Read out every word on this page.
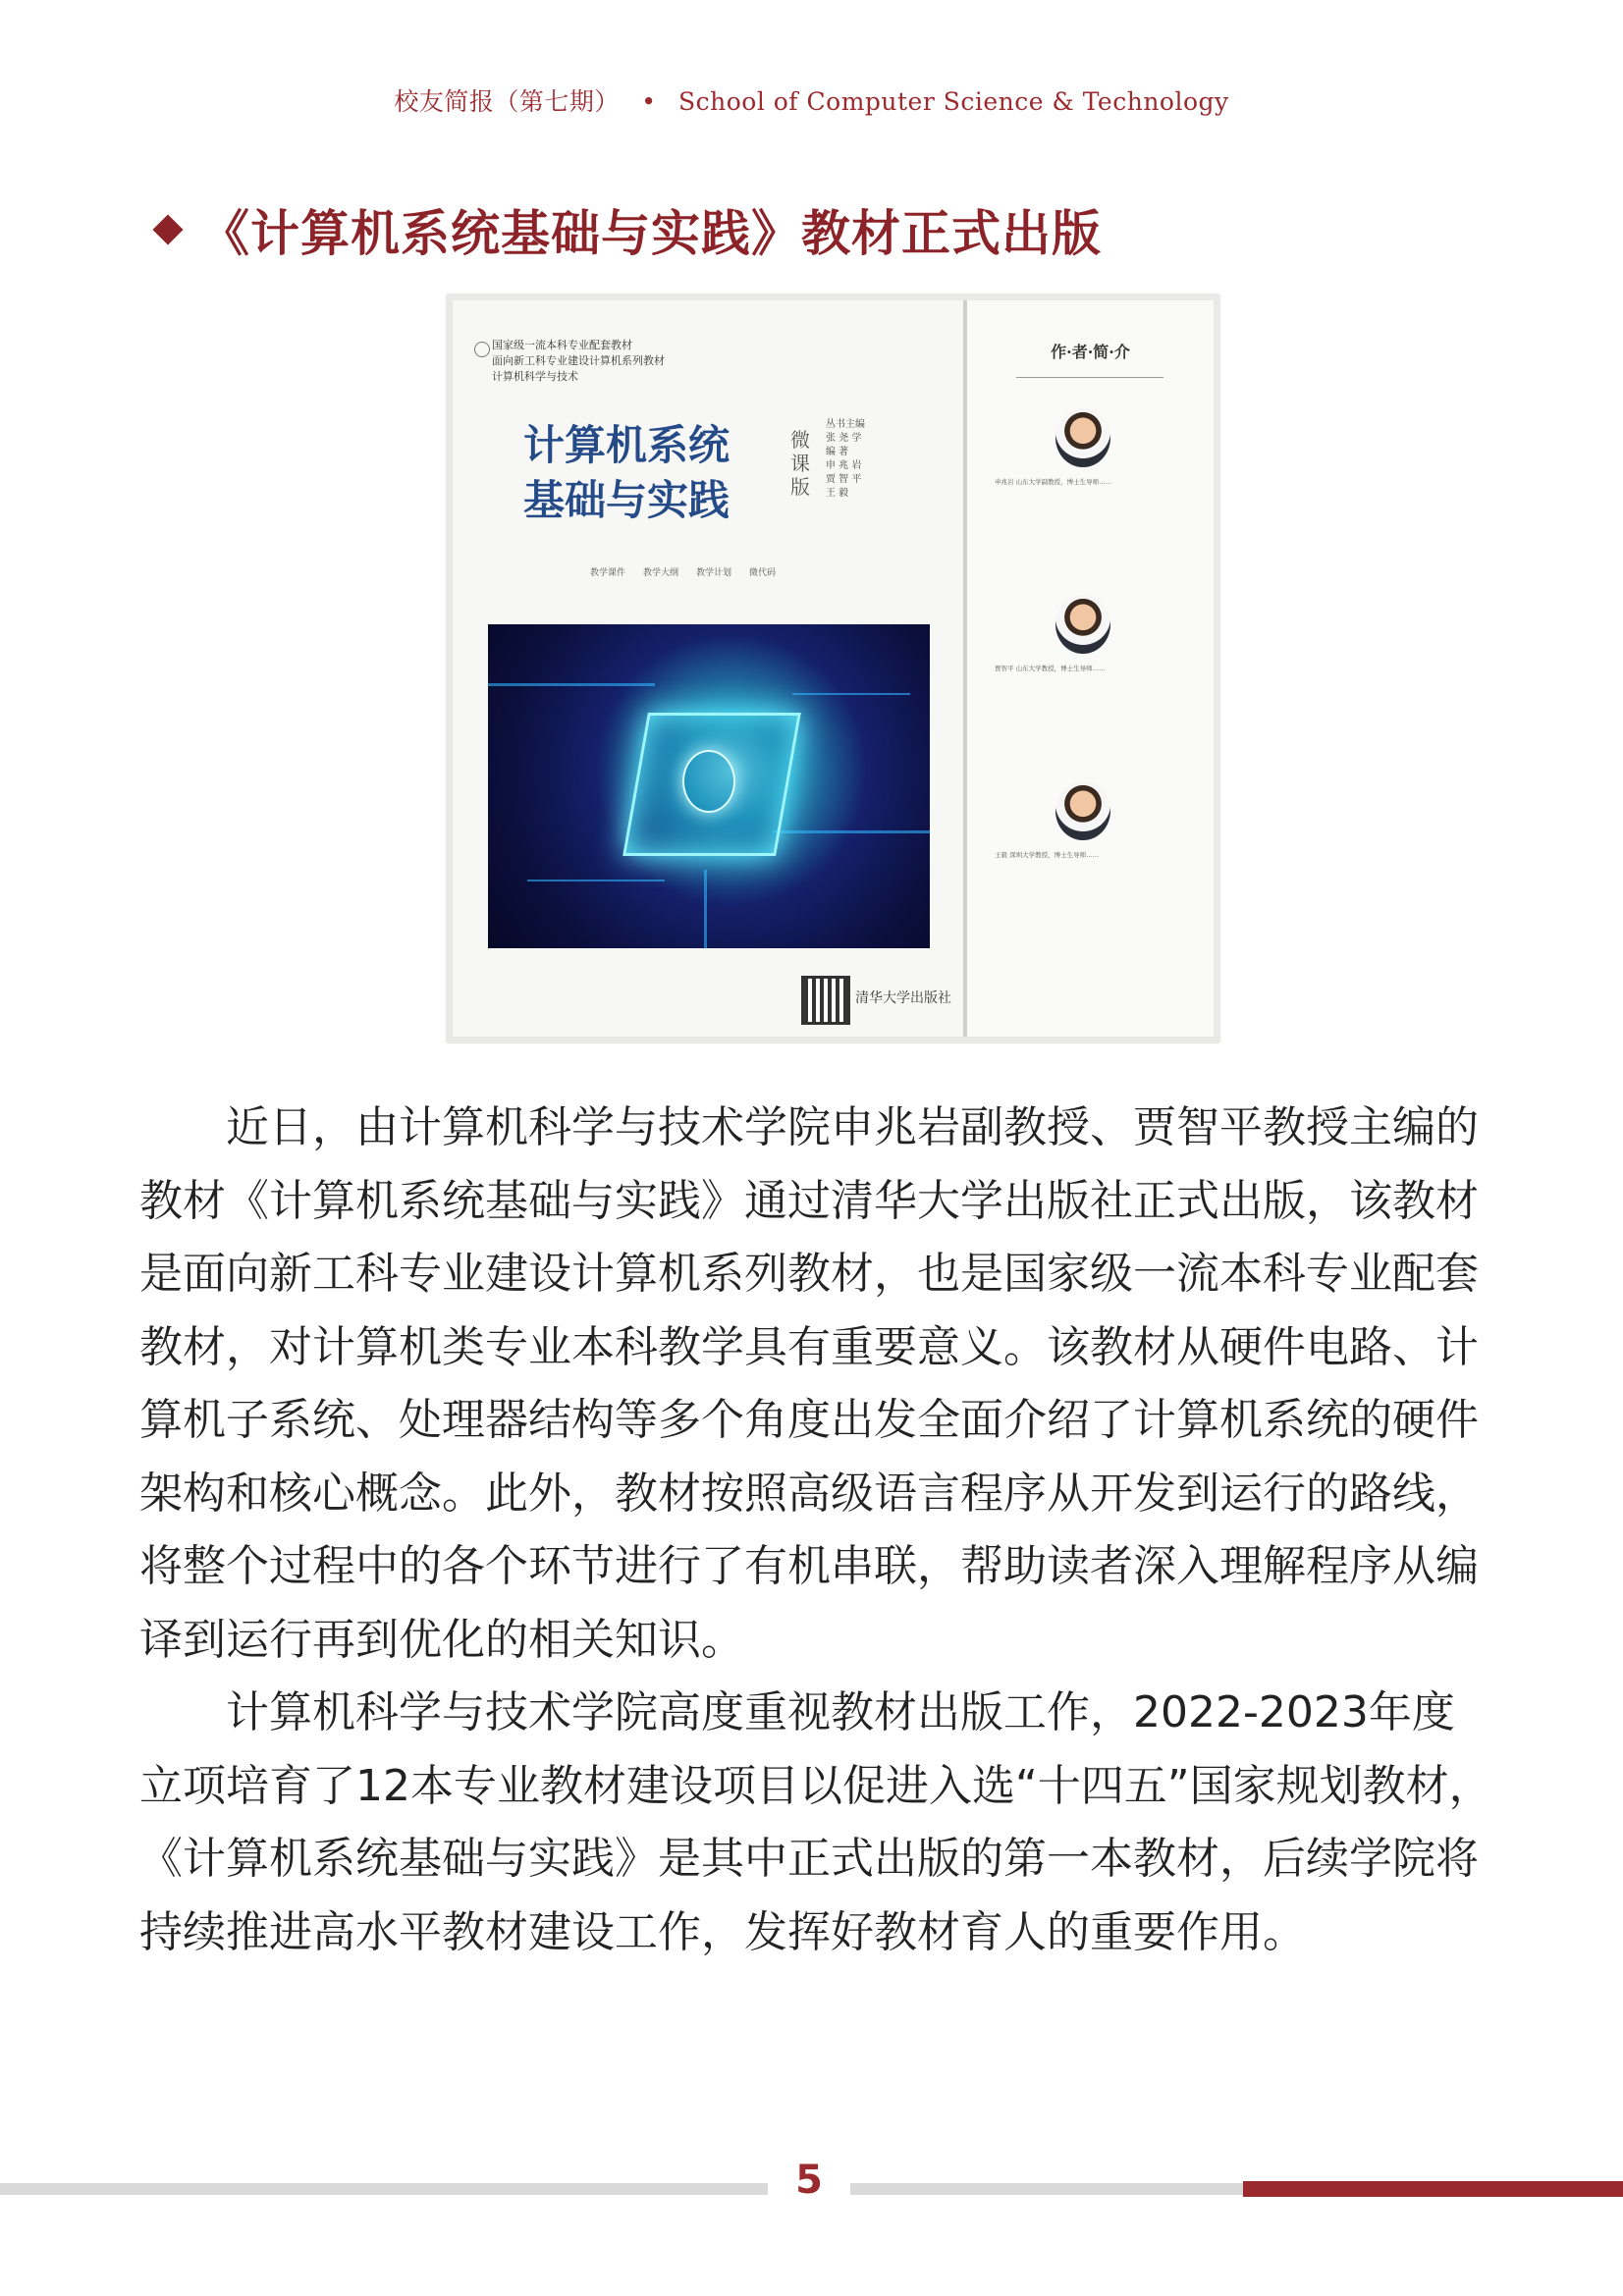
校友简报（第七期） • School of Computer Science & Technology
《计算机系统基础与实践》教材正式出版
国家级一流本科专业配套教材
面向新工科专业建设计算机系列教材
计算机科学与技术
计算机系统
基础与实践
微课版
丛书主编
张 尧 学
编 著
申 兆 岩
贾 智 平
王 毅
教学课件 教学大纲 教学计划 微代码
清华大学出版社
作·者·简·介
申兆岩 山东大学副教授，博士生导师……
贾智平 山东大学教授，博士生导师……
王毅 深圳大学教授，博士生导师……

近日，由计算机科学与技术学院申兆岩副教授、贾智平教授主编的教材《计算机系统基础与实践》通过清华大学出版社正式出版，该教材是面向新工科专业建设计算机系列教材，也是国家级一流本科专业配套教材，对计算机类专业本科教学具有重要意义。该教材从硬件电路、计算机子系统、处理器结构等多个角度出发全面介绍了计算机系统的硬件架构和核心概念。此外，教材按照高级语言程序从开发到运行的路线，将整个过程中的各个环节进行了有机串联，帮助读者深入理解程序从编译到运行再到优化的相关知识。

计算机科学与技术学院高度重视教材出版工作，2022-2023年度立项培育了12本专业教材建设项目以促进入选“十四五”国家规划教材，《计算机系统基础与实践》是其中正式出版的第一本教材，后续学院将持续推进高水平教材建设工作，发挥好教材育人的重要作用。

5
